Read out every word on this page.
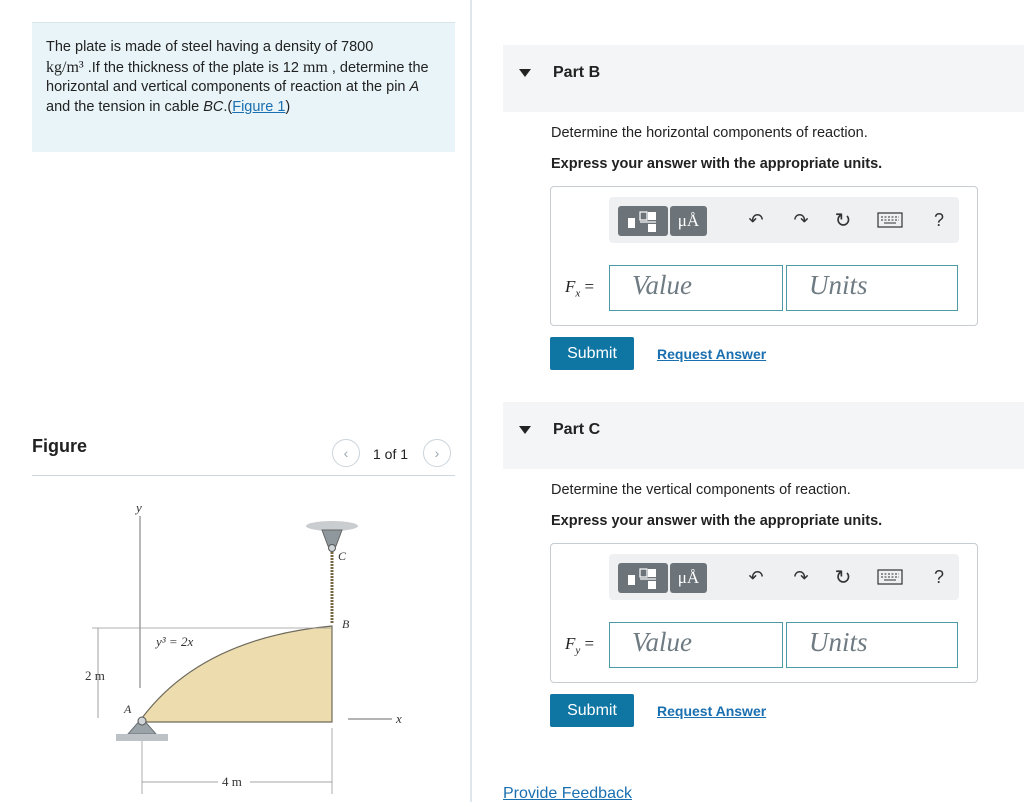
The plate is made of steel having a density of 7800
kg/m³ .If the thickness of the plate is 12 mm , determine the horizontal and vertical components of reaction at the pin A and the tension in cable BC.(Figure 1)
Figure	‹ 1 of 1 ›
y
x
2 m
4 m
y³ = 2x
A
C
B
Part B
Determine the horizontal components of reaction.
Express your answer with the appropriate units.
μÅ	↶ ↷ ↻	?
$F_x$ =	Value	Units
Submit	Request Answer
Part C
Determine the vertical components of reaction.
Express your answer with the appropriate units.
μÅ	↶ ↷ ↻	?
$F_y$ =	Value	Units
Submit	Request Answer
Provide Feedback
